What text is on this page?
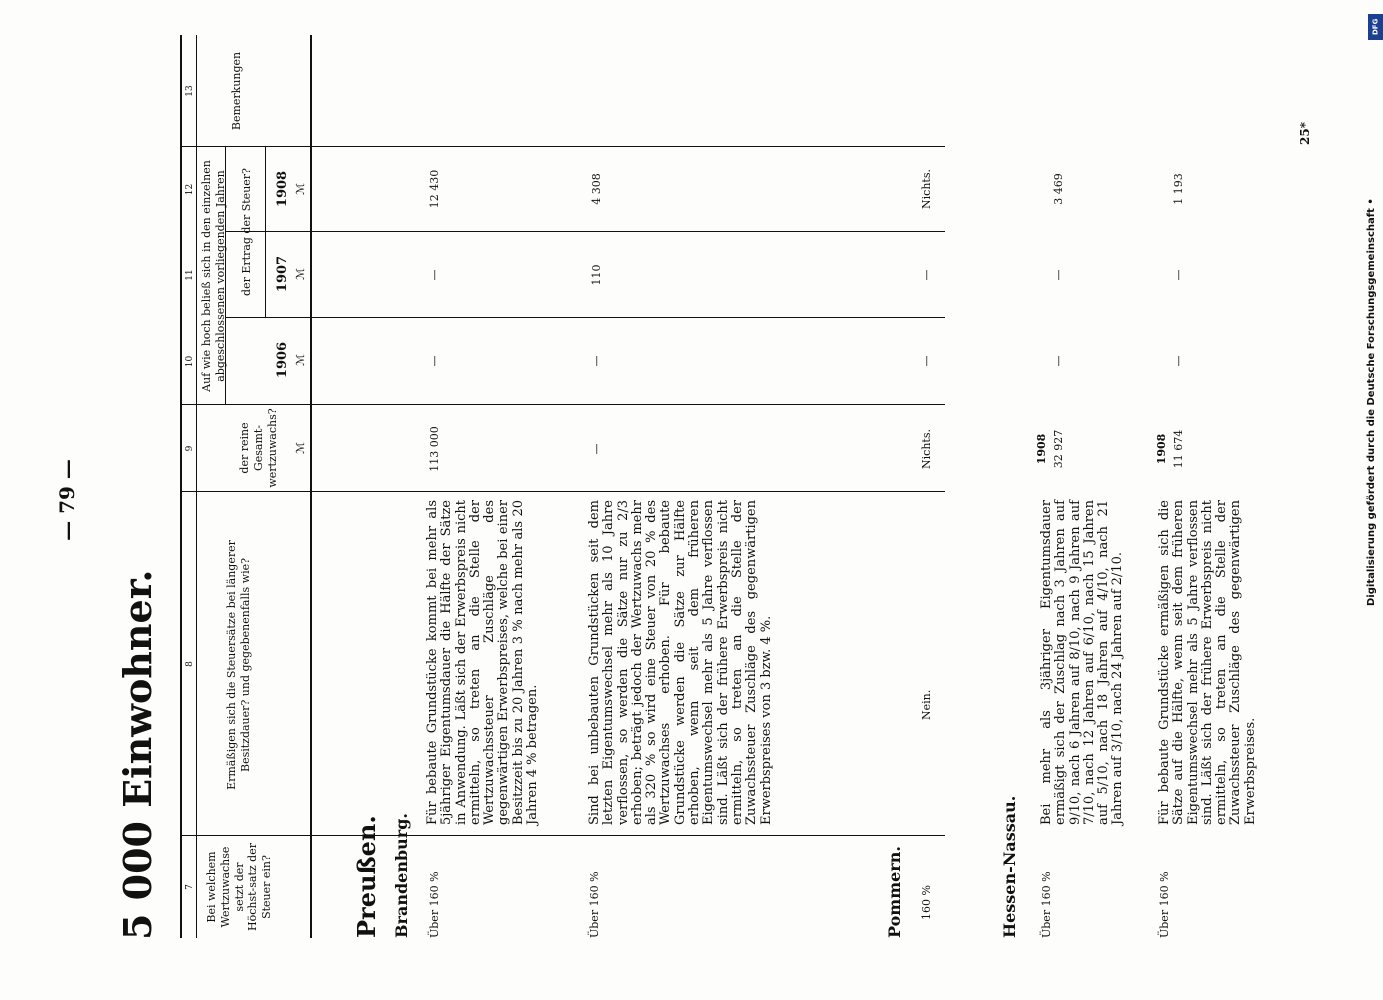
— 79 —
5 000 Einwohner.
25*
7
8
9
10
11
12
13
Bei welchem Wertzuwachse setzt der Höchst-satz der Steuer ein?
Ermäßigen sich die Steuersätze bei längerer Besitzdauer? und gegebenenfalls wie?
Auf wie hoch beließ sich in den einzelnen abgeschlossenen vorliegenden Jahren
der reine Gesamt-wertzuwachs?
der Ertrag der Steuer?
Bemerkungen
1906
1907
1908
ℳ
ℳ
ℳ
ℳ
Preußen. Brandenburg. Über 160 %
Für bebaute Grundstücke kommt bei mehr als 5jähriger Eigentumsdauer die Hälfte der Sätze in Anwendung. Läßt sich der Erwerbspreis nicht ermitteln, so treten an die Stelle der Wertzuwachssteuer Zuschläge des gegenwärtigen Erwerbspreises, welche bei einer Besitzzeit bis zu 20 Jahren 3 % nach mehr als 20 Jahren 4 % betragen.
113 000
—
—
12 430
Über 160 %
Sind bei unbebauten Grundstücken seit dem letzten Eigentumswechsel mehr als 10 Jahre verflossen, so werden die Sätze nur zu 2/3 erhoben; beträgt jedoch der Wertzuwachs mehr als 320 % so wird eine Steuer von 20 % des Wertzuwachses erhoben. Für bebaute Grundstücke werden die Sätze zur Hälfte erhoben, wenn seit dem früheren Eigentumswechsel mehr als 5 Jahre verflossen sind. Läßt sich der frühere Erwerbspreis nicht ermitteln, so treten an die Stelle der Zuwachssteuer Zuschläge des gegenwärtigen Erwerbspreises von 3 bzw. 4 %.
—
—
110
4 308
Pommern. 160 %
Nein.
Nichts.
—
—
Nichts.
Hessen-Nassau. Über 160 %
Bei mehr als 3jähriger Eigentumsdauer ermäßigt sich der Zuschlag nach 3 Jahren auf 9/10, nach 6 Jahren auf 8/10, nach 9 Jahren auf 7/10, nach 12 Jahren auf 6/10, nach 15 Jahren auf 5/10, nach 18 Jahren auf 4/10, nach 21 Jahren auf 3/10, nach 24 Jahren auf 2/10.
1908 32 927
—
—
3 469
Über 160 %
Für bebaute Grundstücke ermäßigen sich die Sätze auf die Hälfte, wenn seit dem früheren Eigentumswechsel mehr als 5 Jahre verflossen sind. Läßt sich der frühere Erwerbspreis nicht ermitteln, so treten an die Stelle der Zuwachssteuer Zuschläge des gegenwärtigen Erwerbspreises.
1908 11 674
—
—
1 193
DFG
Digitalisierung gefördert durch die Deutsche Forschungsgemeinschaft •
